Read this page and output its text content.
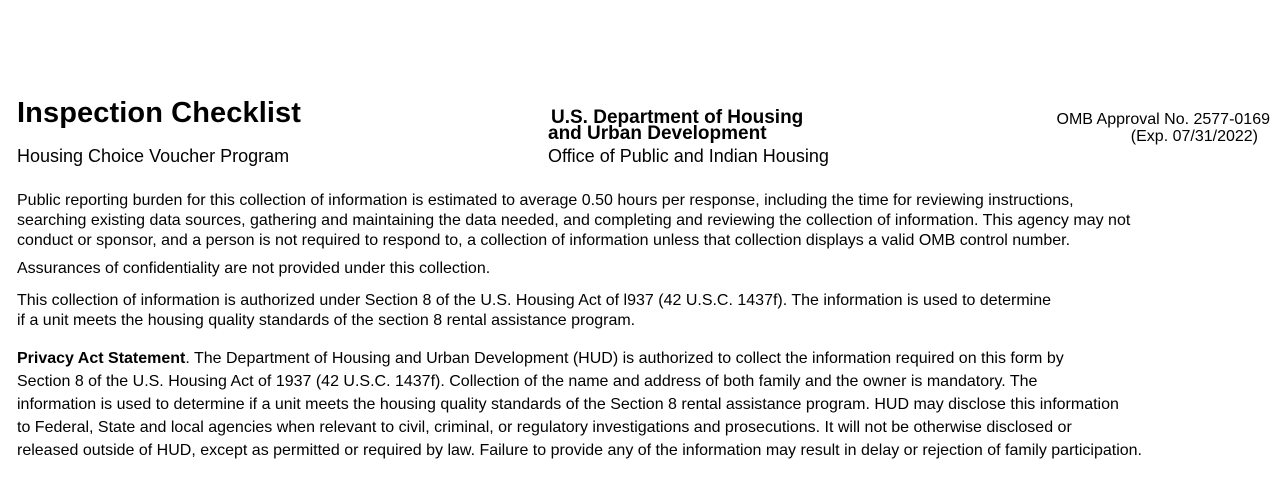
Inspection Checklist
Housing Choice Voucher Program
U.S. Department of Housing
and Urban Development
Office of Public and Indian Housing
OMB Approval No. 2577-0169
(Exp. 07/31/2022)
Public reporting burden for this collection of information is estimated to average 0.50 hours per response, including the time for reviewing instructions,
searching existing data sources, gathering and maintaining the data needed, and completing and reviewing the collection of information. This agency may not
conduct or sponsor, and a person is not required to respond to, a collection of information unless that collection displays a valid OMB control number.
Assurances of confidentiality are not provided under this collection.
This collection of information is authorized under Section 8 of the U.S. Housing Act of l937 (42 U.S.C. 1437f). The information is used to determine
if a unit meets the housing quality standards of the section 8 rental assistance program.
Privacy Act Statement. The Department of Housing and Urban Development (HUD) is authorized to collect the information required on this form by
Section 8 of the U.S. Housing Act of 1937 (42 U.S.C. 1437f). Collection of the name and address of both family and the owner is mandatory. The
information is used to determine if a unit meets the housing quality standards of the Section 8 rental assistance program. HUD may disclose this information
to Federal, State and local agencies when relevant to civil, criminal, or regulatory investigations and prosecutions. It will not be otherwise disclosed or
released outside of HUD, except as permitted or required by law. Failure to provide any of the information may result in delay or rejection of family participation.
